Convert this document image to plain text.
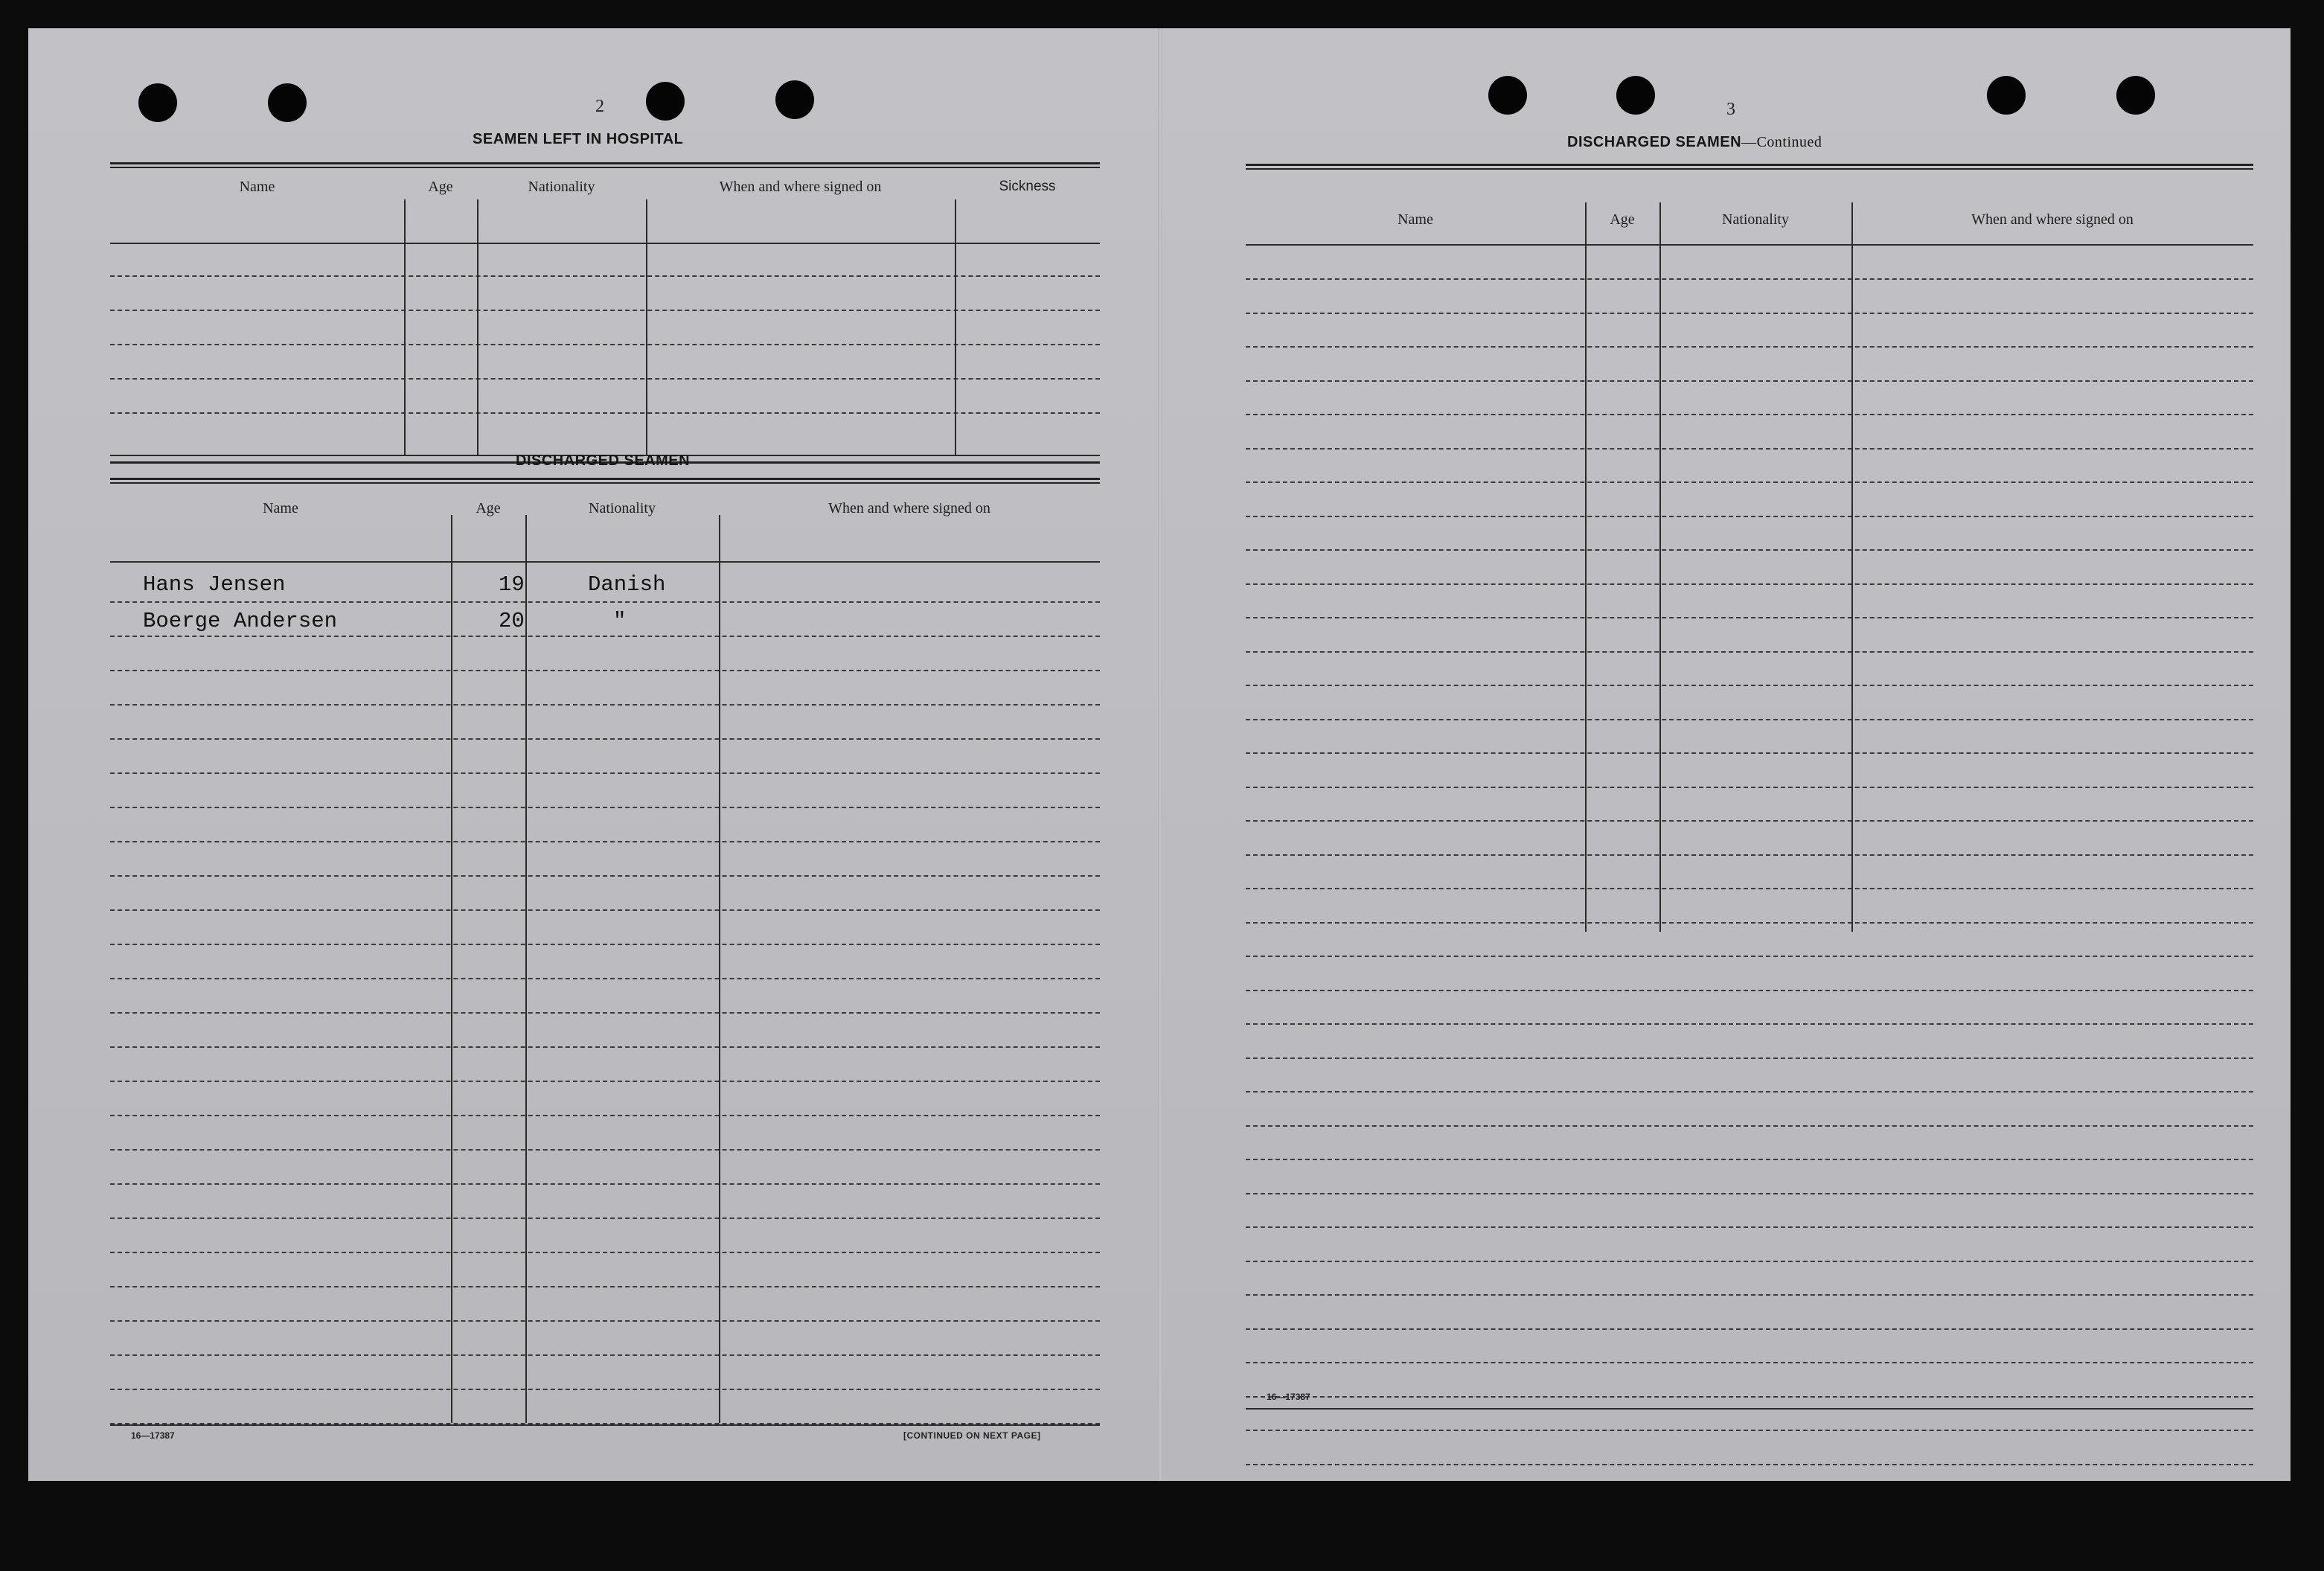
2
SEAMEN LEFT IN HOSPITAL
Name	Age	Nationality	When and where signed on	Sickness
DISCHARGED SEAMEN
Name	Age	Nationality	When and where signed on
Hans Jensen	19	Danish
Boerge Andersen	20	"
16—17387	[CONTINUED ON NEXT PAGE]
3
DISCHARGED SEAMEN—Continued
Name	Age	Nationality	When and where signed on
16—17387
